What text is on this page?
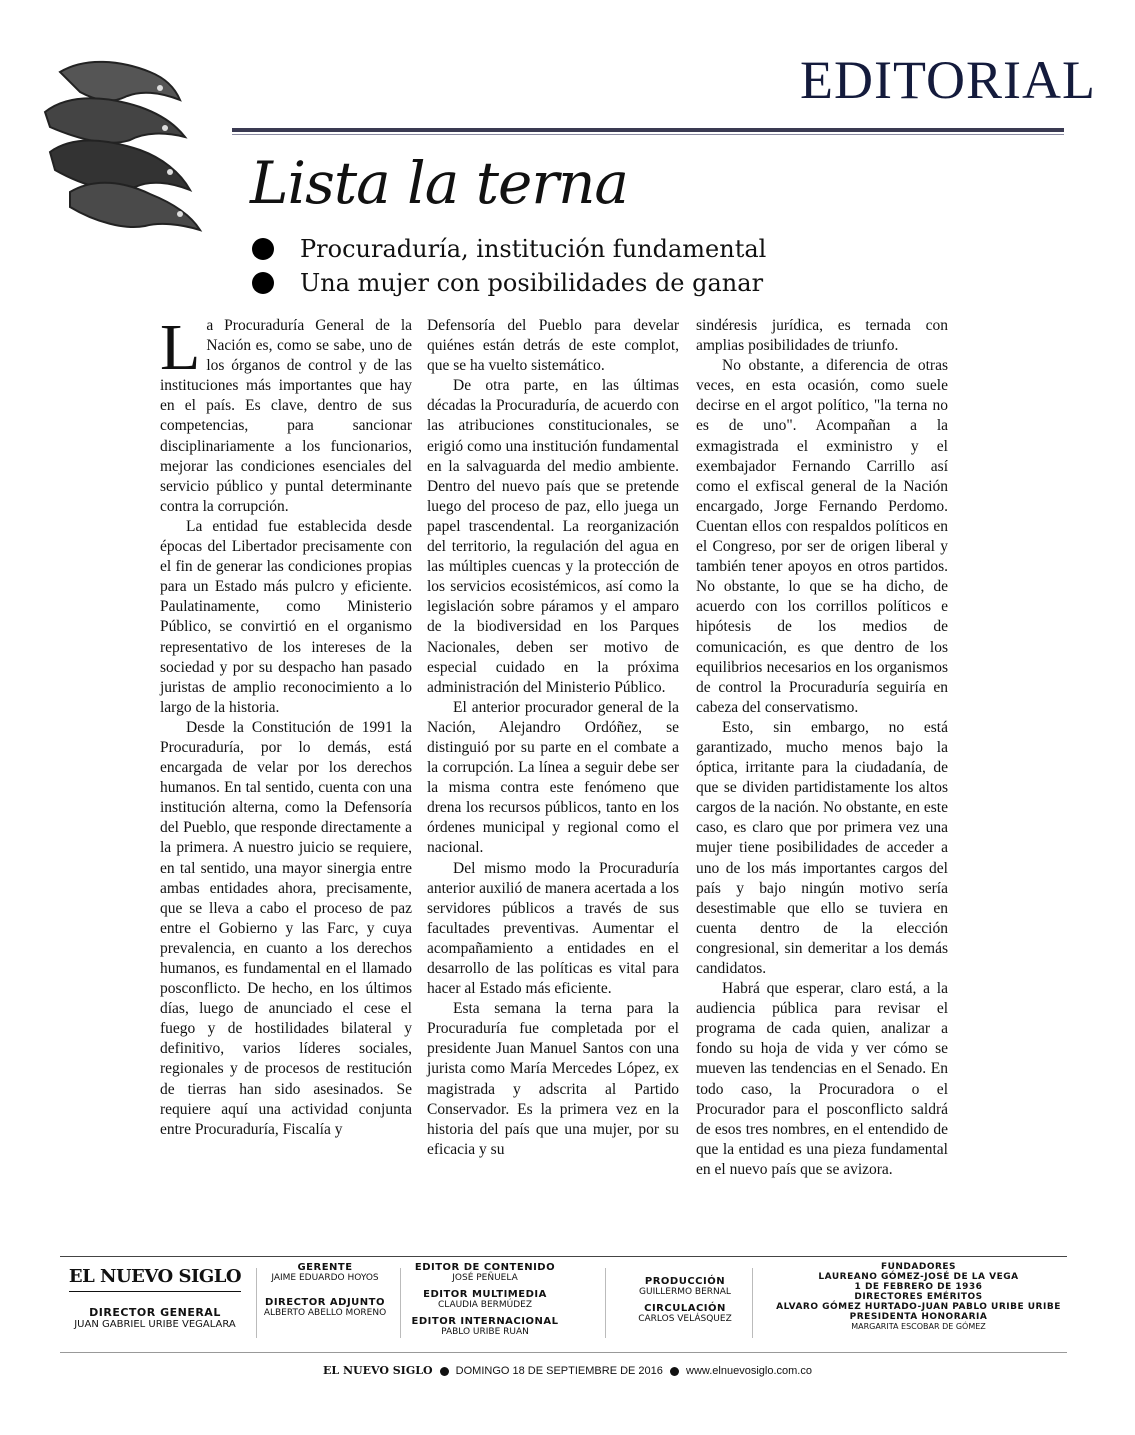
EDITORIAL
Lista la terna
Procuraduría, institución fundamental
Una mujer con posibilidades de ganar

La Procuraduría General de la Nación es, como se sabe, uno de los órganos de control y de las instituciones más importantes que hay en el país. Es clave, dentro de sus competencias, para sancionar disciplinariamente a los funcionarios, mejorar las condiciones esenciales del servicio público y puntal determinante contra la corrupción.

La entidad fue establecida desde épocas del Libertador precisamente con el fin de generar las condiciones propias para un Estado más pulcro y eficiente. Paulatinamente, como Ministerio Público, se convirtió en el organismo representativo de los intereses de la sociedad y por su despacho han pasado juristas de amplio reconocimiento a lo largo de la historia.

Desde la Constitución de 1991 la Procuraduría, por lo demás, está encargada de velar por los derechos humanos. En tal sentido, cuenta con una institución alterna, como la Defensoría del Pueblo, que responde directamente a la primera. A nuestro juicio se requiere, en tal sentido, una mayor sinergia entre ambas entidades ahora, precisamente, que se lleva a cabo el proceso de paz entre el Gobierno y las Farc, y cuya prevalencia, en cuanto a los derechos humanos, es fundamental en el llamado posconflicto. De hecho, en los últimos días, luego de anunciado el cese el fuego y de hostilidades bilateral y definitivo, varios líderes sociales, regionales y de procesos de restitución de tierras han sido asesinados. Se requiere aquí una actividad conjunta entre Procuraduría, Fiscalía y

Defensoría del Pueblo para develar quiénes están detrás de este complot, que se ha vuelto sistemático.

De otra parte, en las últimas décadas la Procuraduría, de acuerdo con las atribuciones constitucionales, se erigió como una institución fundamental en la salvaguarda del medio ambiente. Dentro del nuevo país que se pretende luego del proceso de paz, ello juega un papel trascendental. La reorganización del territorio, la regulación del agua en las múltiples cuencas y la protección de los servicios ecosistémicos, así como la legislación sobre páramos y el amparo de la biodiversidad en los Parques Nacionales, deben ser motivo de especial cuidado en la próxima administración del Ministerio Público.

El anterior procurador general de la Nación, Alejandro Ordóñez, se distinguió por su parte en el combate a la corrupción. La línea a seguir debe ser la misma contra este fenómeno que drena los recursos públicos, tanto en los órdenes municipal y regional como el nacional.

Del mismo modo la Procuraduría anterior auxilió de manera acertada a los servidores públicos a través de sus facultades preventivas. Aumentar el acompañamiento a entidades en el desarrollo de las políticas es vital para hacer al Estado más eficiente.

Esta semana la terna para la Procuraduría fue completada por el presidente Juan Manuel Santos con una jurista como María Mercedes López, ex magistrada y adscrita al Partido Conservador. Es la primera vez en la historia del país que una mujer, por su eficacia y su

sindéresis jurídica, es ternada con amplias posibilidades de triunfo.

No obstante, a diferencia de otras veces, en esta ocasión, como suele decirse en el argot político, "la terna no es de uno". Acompañan a la exmagistrada el exministro y el exembajador Fernando Carrillo así como el exfiscal general de la Nación encargado, Jorge Fernando Perdomo. Cuentan ellos con respaldos políticos en el Congreso, por ser de origen liberal y también tener apoyos en otros partidos. No obstante, lo que se ha dicho, de acuerdo con los corrillos políticos e hipótesis de los medios de comunicación, es que dentro de los equilibrios necesarios en los organismos de control la Procuraduría seguiría en cabeza del conservatismo.

Esto, sin embargo, no está garantizado, mucho menos bajo la óptica, irritante para la ciudadanía, de que se dividen partidistamente los altos cargos de la nación. No obstante, en este caso, es claro que por primera vez una mujer tiene posibilidades de acceder a uno de los más importantes cargos del país y bajo ningún motivo sería desestimable que ello se tuviera en cuenta dentro de la elección congresional, sin demeritar a los demás candidatos.

Habrá que esperar, claro está, a la audiencia pública para revisar el programa de cada quien, analizar a fondo su hoja de vida y ver cómo se mueven las tendencias en el Senado. En todo caso, la Procuradora o el Procurador para el posconflicto saldrá de esos tres nombres, en el entendido de que la entidad es una pieza fundamental en el nuevo país que se avizora.

EL NUEVO SIGLO
DIRECTOR GENERAL
JUAN GABRIEL URIBE VEGALARA
GERENTE
JAIME EDUARDO HOYOS
DIRECTOR ADJUNTO
ALBERTO ABELLO MORENO
EDITOR DE CONTENIDO
JOSÉ PEÑUELA
EDITOR MULTIMEDIA
CLAUDIA BERMÚDEZ
EDITOR INTERNACIONAL
PABLO URIBE RUAN
PRODUCCIÓN
GUILLERMO BERNAL
CIRCULACIÓN
CARLOS VELÁSQUEZ
FUNDADORES
LAUREANO GÓMEZ-JOSÉ DE LA VEGA
1 DE FEBRERO DE 1936
DIRECTORES EMÉRITOS
ALVARO GÓMEZ HURTADO-JUAN PABLO URIBE URIBE
PRESIDENTA HONORARIA
MARGARITA ESCOBAR DE GÓMEZ
EL NUEVO SIGLO DOMINGO 18 DE SEPTIEMBRE DE 2016 www.elnuevosiglo.com.co
